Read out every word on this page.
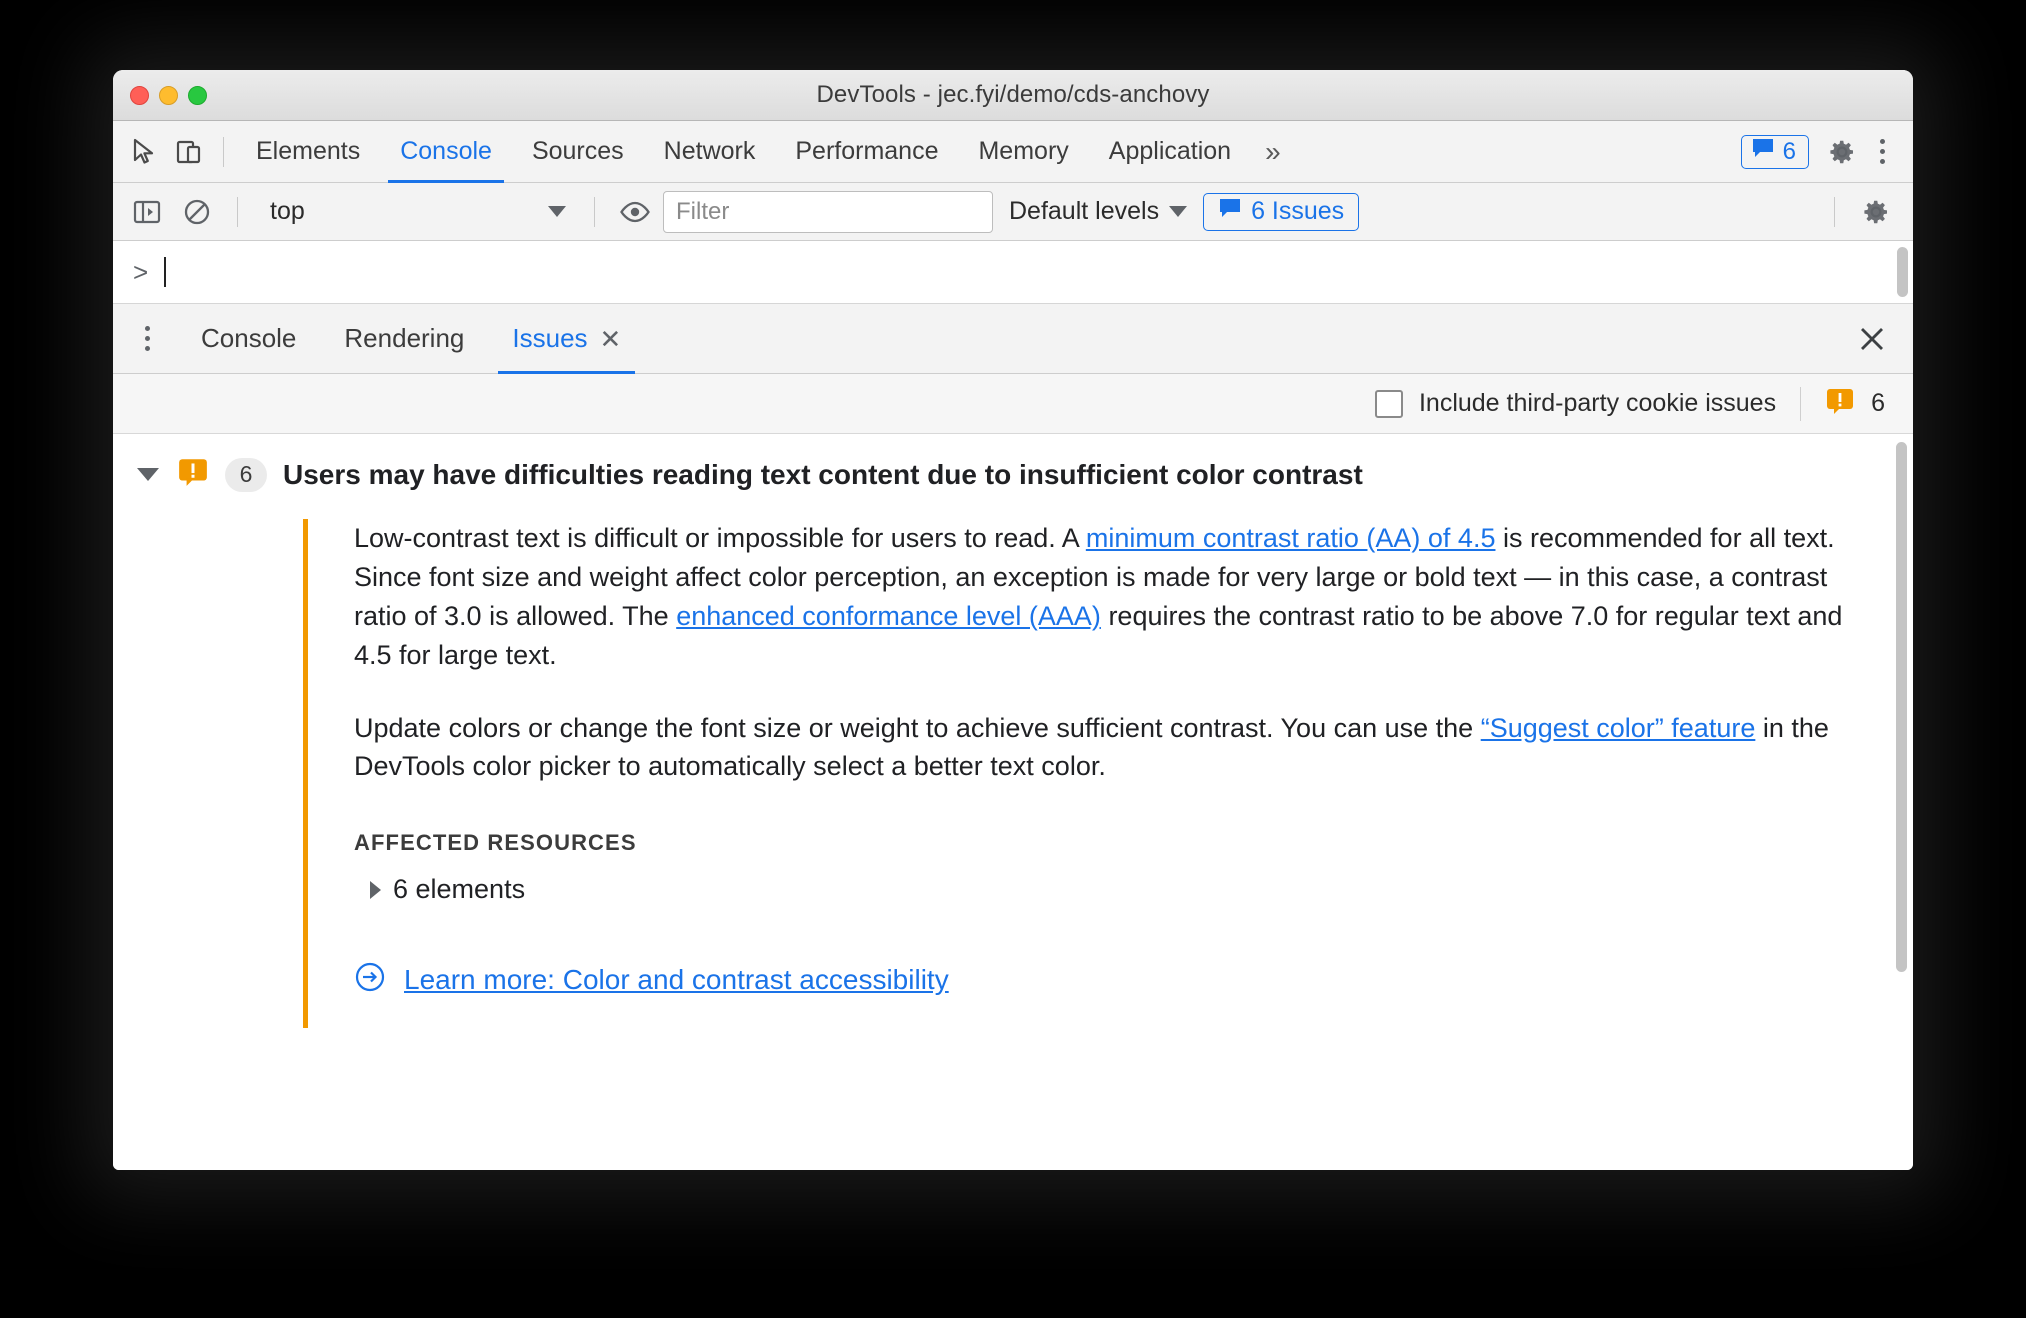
DevTools - jec.fyi/demo/cds-anchovy
Elements Console Sources Network Performance Memory Application »	6
top
Filter	Default levels	6 Issues
>
Console Rendering Issues ✕
Include third-party cookie issues	6
6	Users may have difficulties reading text content due to insufficient color contrast

Low-contrast text is difficult or impossible for users to read. A minimum contrast ratio (AA) of 4.5 is recommended for all text. Since font size and weight affect color perception, an exception is made for very large or bold text — in this case, a contrast ratio of 3.0 is allowed. The enhanced conformance level (AAA) requires the contrast ratio to be above 7.0 for regular text and 4.5 for large text.

Update colors or change the font size or weight to achieve sufficient contrast. You can use the “Suggest color” feature in the DevTools color picker to automatically select a better text color.

AFFECTED RESOURCES
6 elements
Learn more: Color and contrast accessibility
